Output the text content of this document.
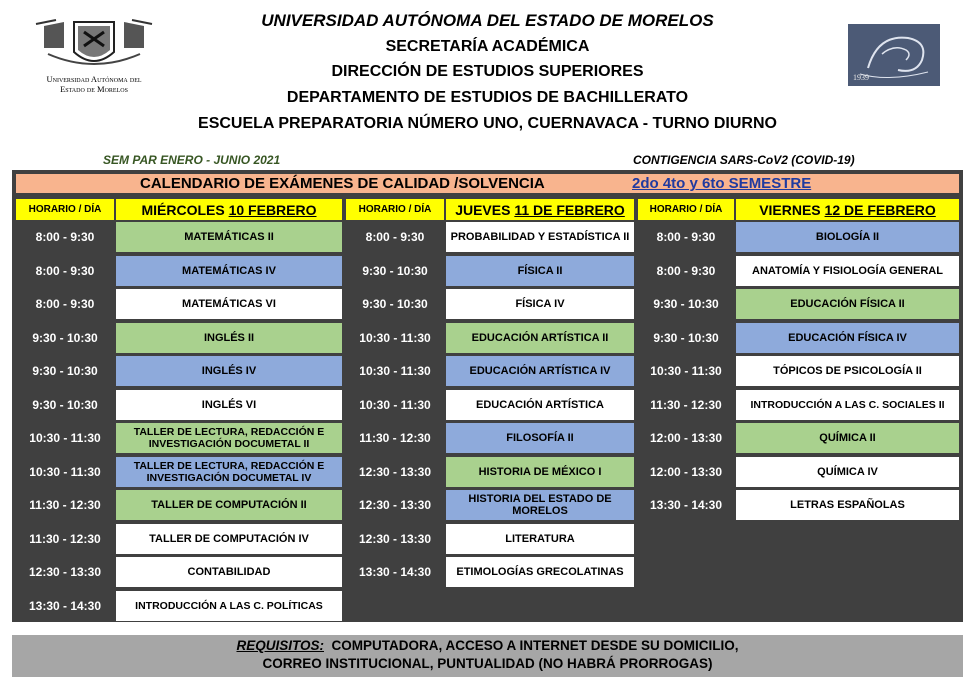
Universidad Autónoma del
Estado de Morelos
UNIVERSIDAD AUTÓNOMA DEL ESTADO DE MORELOS
SECRETARÍA ACADÉMICA
DIRECCIÓN DE ESTUDIOS SUPERIORES
DEPARTAMENTO DE ESTUDIOS DE BACHILLERATO
ESCUELA PREPARATORIA NÚMERO UNO, CUERNAVACA - TURNO DIURNO
1939
SEM PAR ENERO - JUNIO 2021	CONTIGENCIA SARS-CoV2 (COVID-19)
CALENDARIO DE EXÁMENES DE CALIDAD /SOLVENCIA	2do 4to y 6to SEMESTRE
HORARIO / DÍA	MIÉRCOLES 10 FEBRERO	HORARIO / DÍA	JUEVES 11 DE FEBRERO	HORARIO / DÍA	VIERNES 12 DE FEBRERO
8:00 - 9:30	MATEMÁTICAS II
8:00 - 9:30	MATEMÁTICAS IV
8:00 - 9:30	MATEMÁTICAS VI
9:30 - 10:30	INGLÉS II
9:30 - 10:30	INGLÉS IV
9:30 - 10:30	INGLÉS VI
10:30 - 11:30	TALLER DE LECTURA, REDACCIÓN E INVESTIGACIÓN DOCUMETAL II
10:30 - 11:30	TALLER DE LECTURA, REDACCIÓN E INVESTIGACIÓN DOCUMETAL IV
11:30 - 12:30	TALLER DE COMPUTACIÓN II
11:30 - 12:30	TALLER DE COMPUTACIÓN IV
12:30 - 13:30	CONTABILIDAD
13:30 - 14:30	INTRODUCCIÓN A LAS C. POLÍTICAS
8:00 - 9:30	PROBABILIDAD Y ESTADÍSTICA II
9:30 - 10:30	FÍSICA II
9:30 - 10:30	FÍSICA IV
10:30 - 11:30	EDUCACIÓN ARTÍSTICA II
10:30 - 11:30	EDUCACIÓN ARTÍSTICA IV
10:30 - 11:30	EDUCACIÓN ARTÍSTICA
11:30 - 12:30	FILOSOFÍA II
12:30 - 13:30	HISTORIA DE MÉXICO I
12:30 - 13:30	HISTORIA DEL ESTADO DE MORELOS
12:30 - 13:30	LITERATURA
13:30 - 14:30	ETIMOLOGÍAS GRECOLATINAS
8:00 - 9:30	BIOLOGÍA II
8:00 - 9:30	ANATOMÍA Y FISIOLOGÍA GENERAL
9:30 - 10:30	EDUCACIÓN FÍSICA II
9:30 - 10:30	EDUCACIÓN FÍSICA IV
10:30 - 11:30	TÓPICOS DE PSICOLOGÍA II
11:30 - 12:30	INTRODUCCIÓN A LAS C. SOCIALES II
12:00 - 13:30	QUÍMICA II
12:00 - 13:30	QUÍMICA IV
13:30 - 14:30	LETRAS ESPAÑOLAS
REQUISITOS:  COMPUTADORA, ACCESO A INTERNET DESDE SU DOMICILIO,
CORREO INSTITUCIONAL, PUNTUALIDAD (NO HABRÁ PRORROGAS)
